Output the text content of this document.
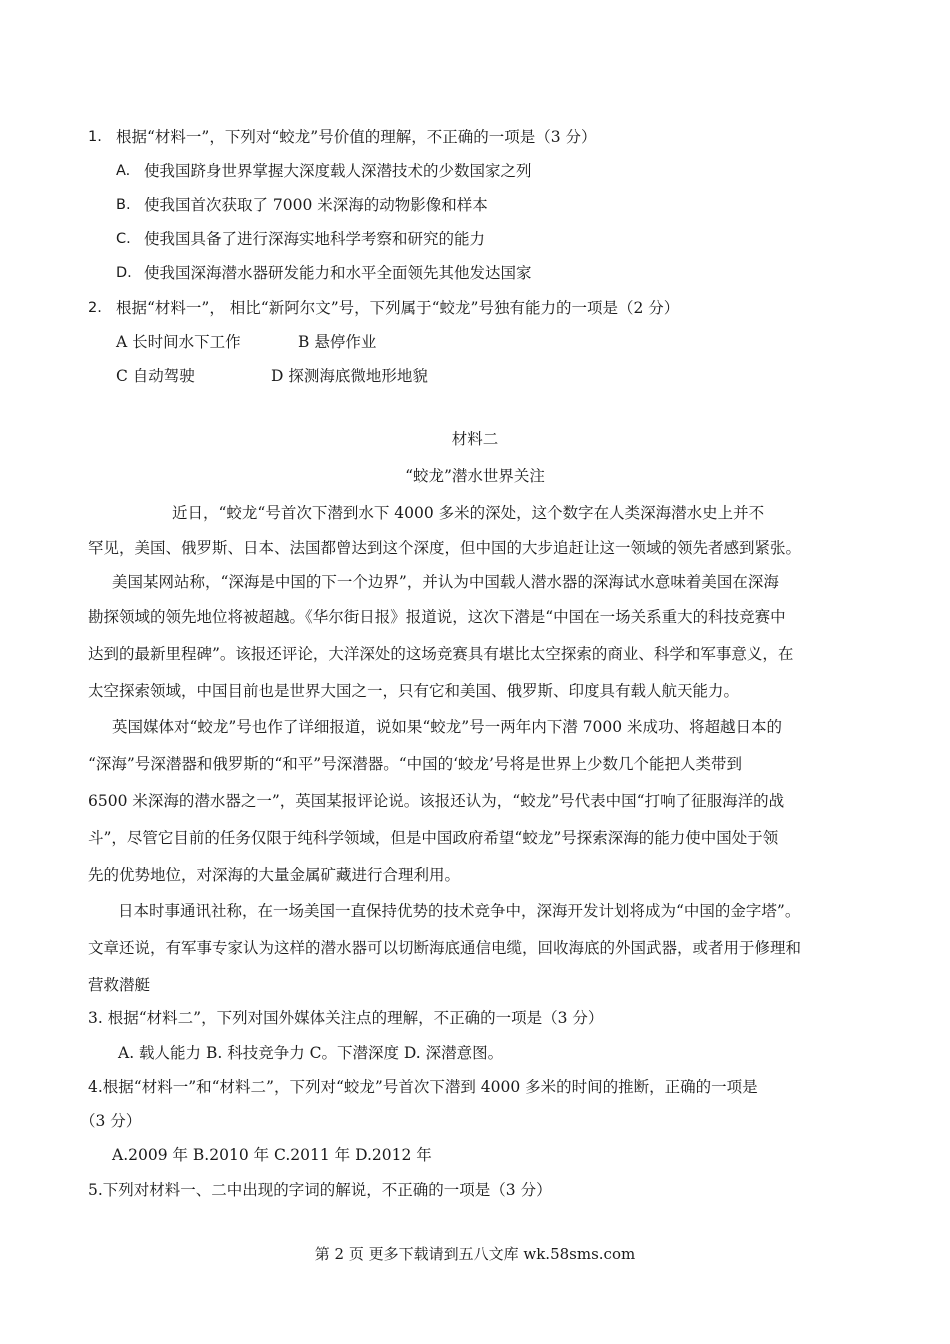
1. 根据“材料一”，下列对“蛟龙”号价值的理解，不正确的一项是（3 分）
A. 使我国跻身世界掌握大深度载人深潜技术的少数国家之列
B. 使我国首次获取了 7000 米深海的动物影像和样本
C. 使我国具备了进行深海实地科学考察和研究的能力
D. 使我国深海潜水器研发能力和水平全面领先其他发达国家
2. 根据“材料一”， 相比“新阿尔文”号，下列属于“蛟龙”号独有能力的一项是（2 分）
A 长时间水下工作	B 悬停作业
C 自动驾驶	D 探测海底微地形地貌
材料二
“蛟龙”潜水世界关注
近日，“蛟龙“号首次下潜到水下 4000 多米的深处，这个数字在人类深海潜水史上并不
罕见，美国、俄罗斯、日本、法国都曾达到这个深度，但中国的大步追赶让这一领域的领先者感到紧张。
美国某网站称，“深海是中国的下一个边界”，并认为中国载人潜水器的深海试水意味着美国在深海
勘探领域的领先地位将被超越。《华尔街日报》报道说，这次下潜是“中国在一场关系重大的科技竞赛中
达到的最新里程碑”。该报还评论，大洋深处的这场竞赛具有堪比太空探索的商业、科学和军事意义，在
太空探索领域，中国目前也是世界大国之一，只有它和美国、俄罗斯、印度具有载人航天能力。
英国媒体对“蛟龙”号也作了详细报道，说如果“蛟龙”号一两年内下潜 7000 米成功、将超越日本的
“深海”号深潜器和俄罗斯的“和平”号深潜器。“中国的‘蛟龙’号将是世界上少数几个能把人类带到
6500 米深海的潜水器之一”，英国某报评论说。该报还认为，“蛟龙”号代表中国“打响了征服海洋的战
斗”，尽管它目前的任务仅限于纯科学领域，但是中国政府希望“蛟龙”号探索深海的能力使中国处于领
先的优势地位，对深海的大量金属矿藏进行合理利用。
日本时事通讯社称，在一场美国一直保持优势的技术竞争中，深海开发计划将成为“中国的金字塔”。
文章还说，有军事专家认为这样的潜水器可以切断海底通信电缆，回收海底的外国武器，或者用于修理和
营救潜艇
3. 根据“材料二”，下列对国外媒体关注点的理解，不正确的一项是（3 分）
A. 载人能力 B. 科技竞争力 C。下潜深度 D. 深潜意图。
4.根据“材料一”和“材料二”，下列对“蛟龙”号首次下潜到 4000 多米的时间的推断，正确的一项是
（3 分）
A.2009 年 B.2010 年 C.2011 年 D.2012 年
5.下列对材料一、二中出现的字词的解说，不正确的一项是（3 分）
第 2 页 更多下载请到五八文库 wk.58sms.com
